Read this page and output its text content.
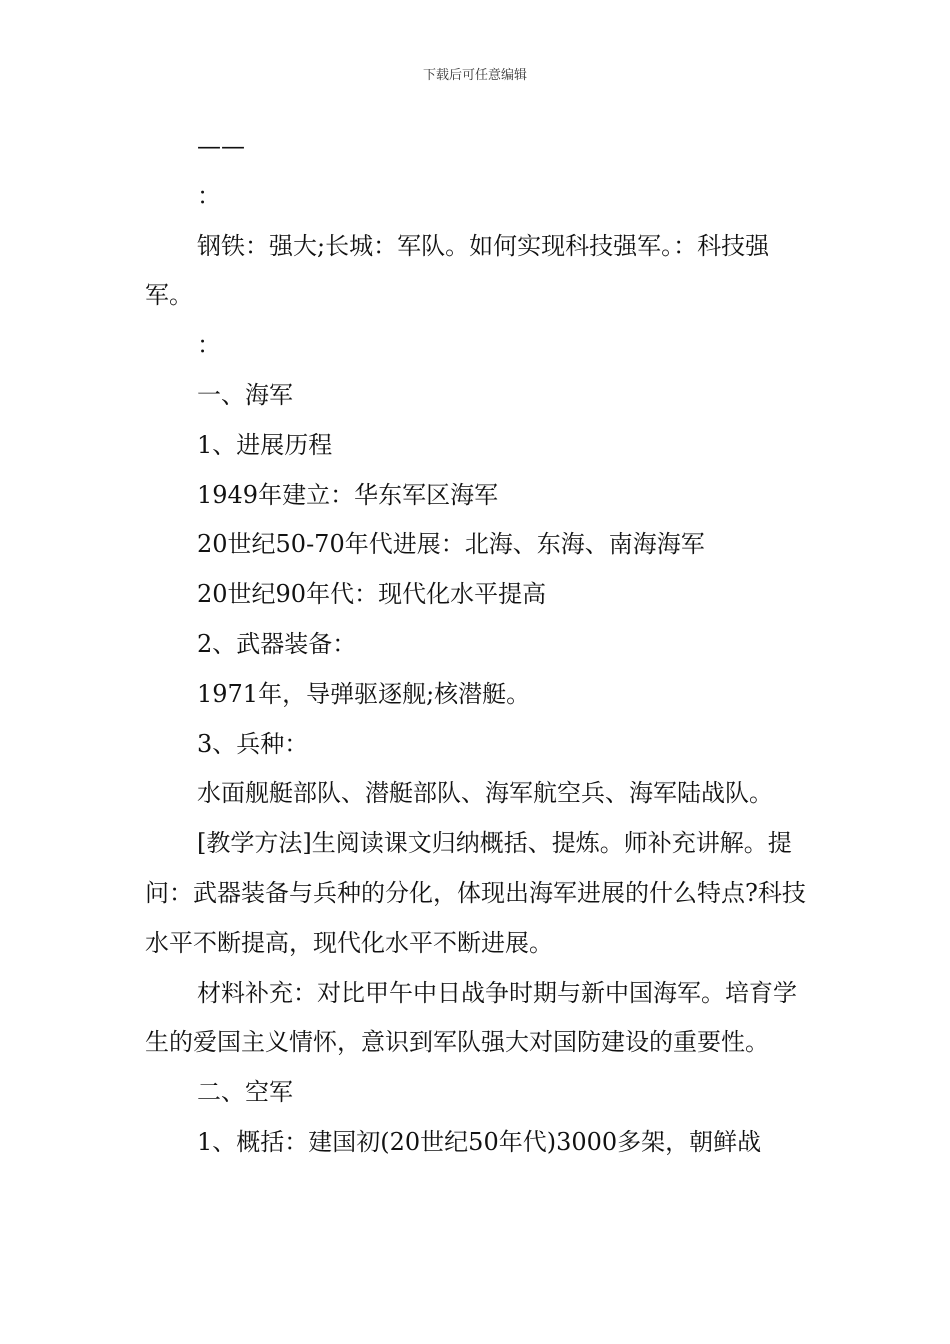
下载后可任意编辑

——

：

钢铁：强大;长城：军队。如何实现科技强军。：科技强军。

：

一、海军

1、进展历程

1949年建立：华东军区海军

20世纪50-70年代进展：北海、东海、南海海军

20世纪90年代：现代化水平提高

2、武器装备：

1971年，导弹驱逐舰;核潜艇。

3、兵种：

水面舰艇部队、潜艇部队、海军航空兵、海军陆战队。

[教学方法]生阅读课文归纳概括、提炼。师补充讲解。提问：武器装备与兵种的分化，体现出海军进展的什么特点?科技水平不断提高，现代化水平不断进展。

材料补充：对比甲午中日战争时期与新中国海军。培育学生的爱国主义情怀，意识到军队强大对国防建设的重要性。

二、空军

1、概括：建国初(20世纪50年代)3000多架，朝鲜战
